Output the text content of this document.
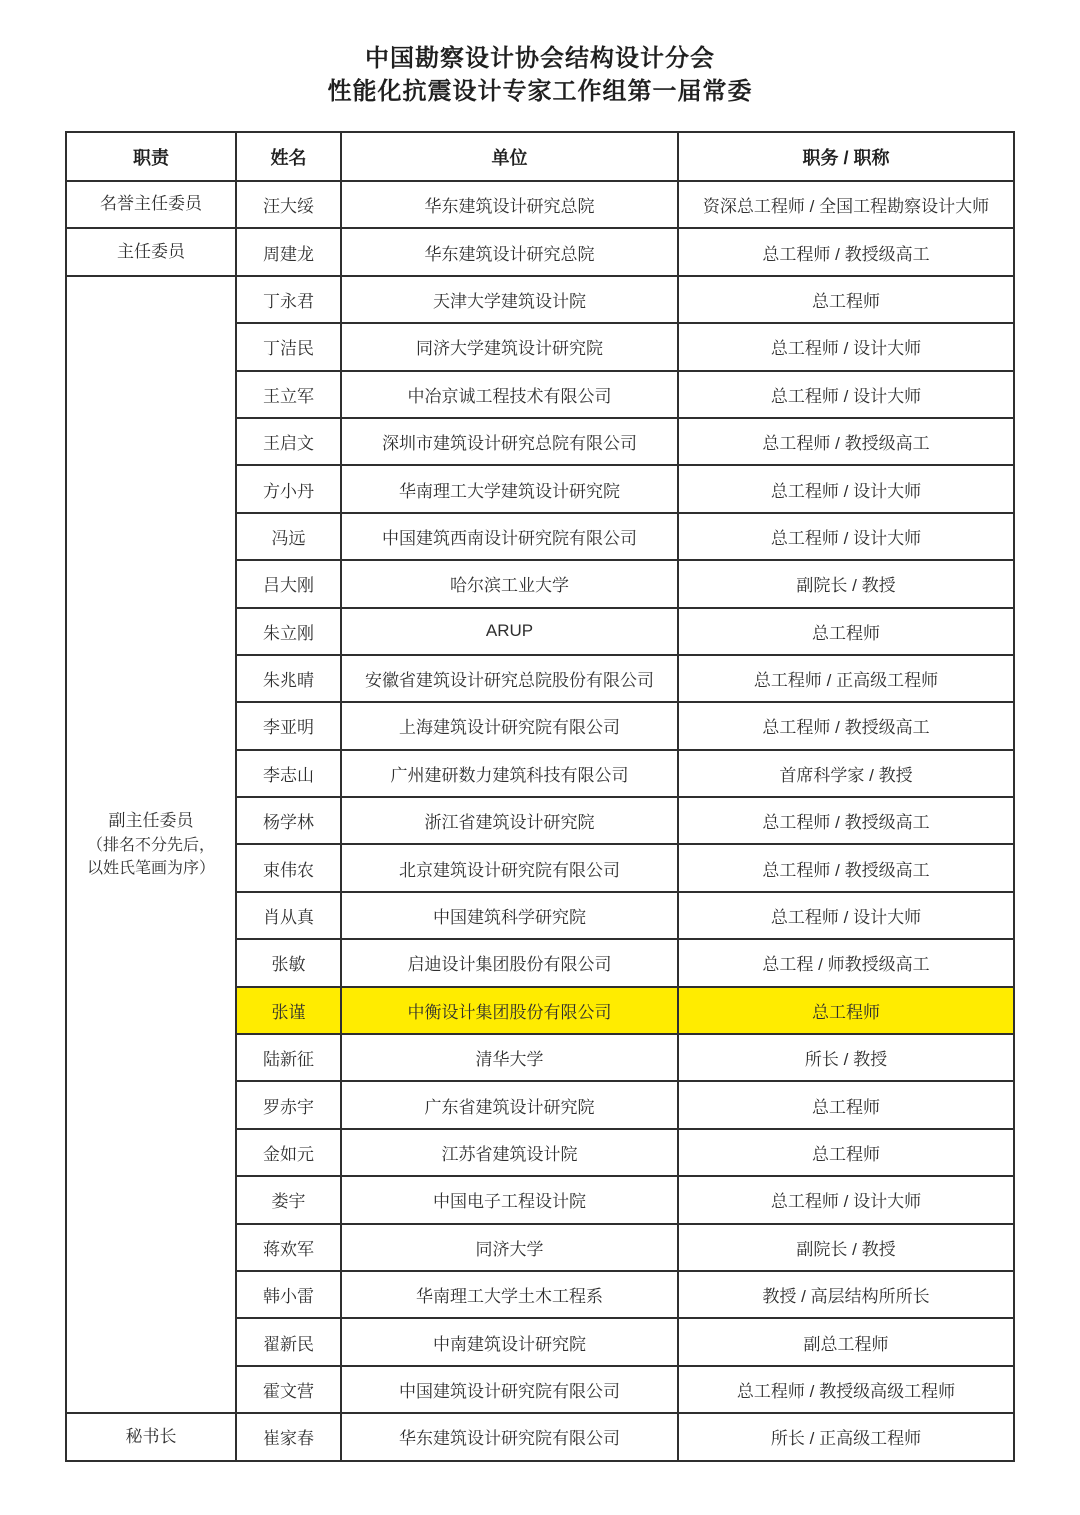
中国勘察设计协会结构设计分会
性能化抗震设计专家工作组第一届常委
职责	姓名	单位	职务 / 职称

名誉主任委员	汪大绥	华东建筑设计研究总院	资深总工程师 / 全国工程勘察设计大师

主任委员	周建龙	华东建筑设计研究总院	总工程师 / 教授级高工

副主任委员
（排名不分先后，
以姓氏笔画为序）	丁永君	天津大学建筑设计院	总工程师
	丁洁民	同济大学建筑设计研究院	总工程师 / 设计大师
	王立军	中冶京诚工程技术有限公司	总工程师 / 设计大师
	王启文	深圳市建筑设计研究总院有限公司	总工程师 / 教授级高工
	方小丹	华南理工大学建筑设计研究院	总工程师 / 设计大师
	冯远	中国建筑西南设计研究院有限公司	总工程师 / 设计大师
	吕大刚	哈尔滨工业大学	副院长 / 教授
	朱立刚	ARUP	总工程师
	朱兆晴	安徽省建筑设计研究总院股份有限公司	总工程师 / 正高级工程师
	李亚明	上海建筑设计研究院有限公司	总工程师 / 教授级高工
	李志山	广州建研数力建筑科技有限公司	首席科学家 / 教授
	杨学林	浙江省建筑设计研究院	总工程师 / 教授级高工
	束伟农	北京建筑设计研究院有限公司	总工程师 / 教授级高工
	肖从真	中国建筑科学研究院	总工程师 / 设计大师
	张敏	启迪设计集团股份有限公司	总工程 / 师教授级高工
	张谨	中衡设计集团股份有限公司	总工程师
	陆新征	清华大学	所长 / 教授
	罗赤宇	广东省建筑设计研究院	总工程师
	金如元	江苏省建筑设计院	总工程师
	娄宇	中国电子工程设计院	总工程师 / 设计大师
	蒋欢军	同济大学	副院长 / 教授
	韩小雷	华南理工大学土木工程系	教授 / 高层结构所所长
	翟新民	中南建筑设计研究院	副总工程师
	霍文营	中国建筑设计研究院有限公司	总工程师 / 教授级高级工程师

秘书长	崔家春	华东建筑设计研究院有限公司	所长 / 正高级工程师
